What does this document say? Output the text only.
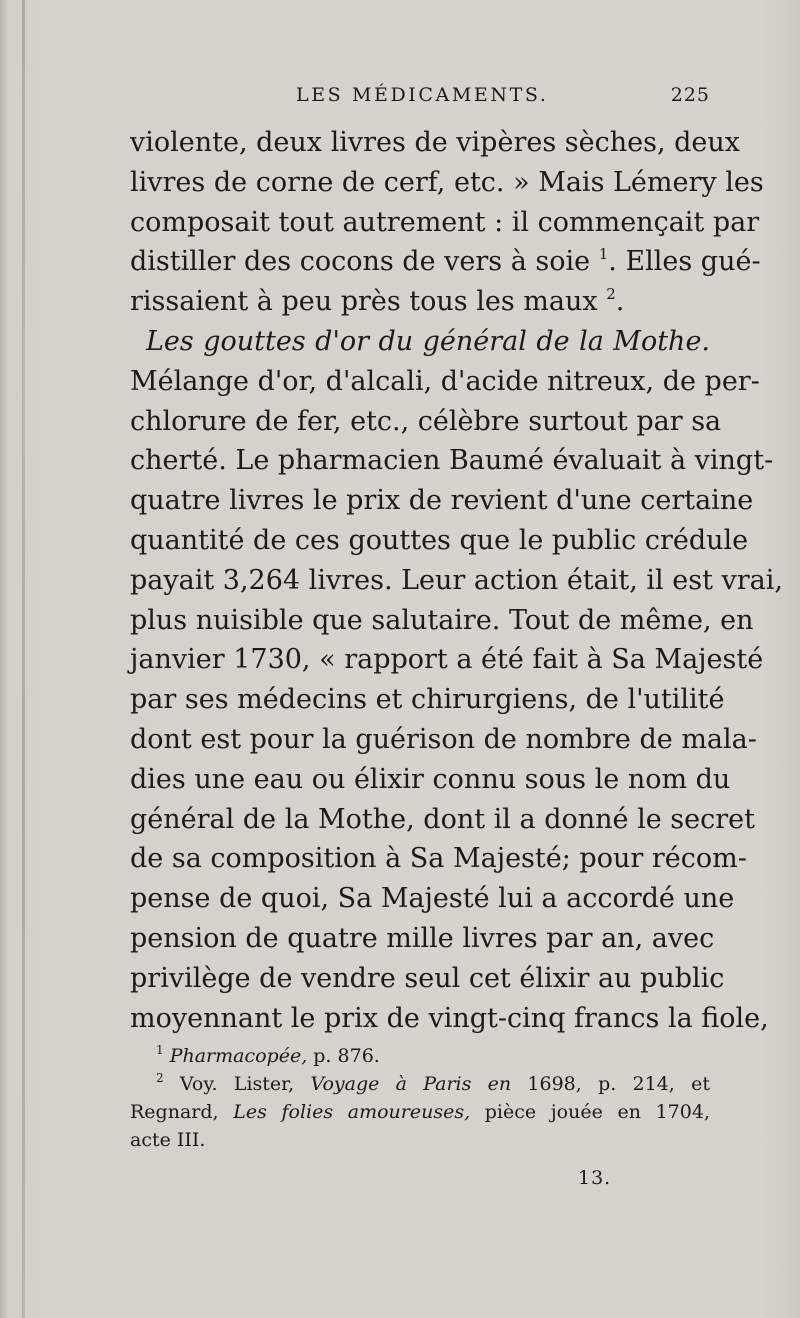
LES MÉDICAMENTS.	225
violente, deux livres de vipères sèches, deux
livres de corne de cerf, etc. » Mais Lémery les
composait tout autrement : il commençait par
distiller des cocons de vers à soie $^1$. Elles gué-
rissaient à peu près tous les maux $^2$.
Les gouttes d'or du général de la Mothe.
Mélange d'or, d'alcali, d'acide nitreux, de per-
chlorure de fer, etc., célèbre surtout par sa
cherté. Le pharmacien Baumé évaluait à vingt-
quatre livres le prix de revient d'une certaine
quantité de ces gouttes que le public crédule
payait 3,264 livres. Leur action était, il est vrai,
plus nuisible que salutaire. Tout de même, en
janvier 1730, « rapport a été fait à Sa Majesté
par ses médecins et chirurgiens, de l'utilité
dont est pour la guérison de nombre de mala-
dies une eau ou élixir connu sous le nom du
général de la Mothe, dont il a donné le secret
de sa composition à Sa Majesté; pour récom-
pense de quoi, Sa Majesté lui a accordé une
pension de quatre mille livres par an, avec
privilège de vendre seul cet élixir au public
moyennant le prix de vingt-cinq francs la fiole,
$^1$ Pharmacopée, p. 876.
$^2$ Voy. Lister, Voyage à Paris en 1698, p. 214, et
Regnard, Les folies amoureuses, pièce jouée en 1704,
acte III.
13.
